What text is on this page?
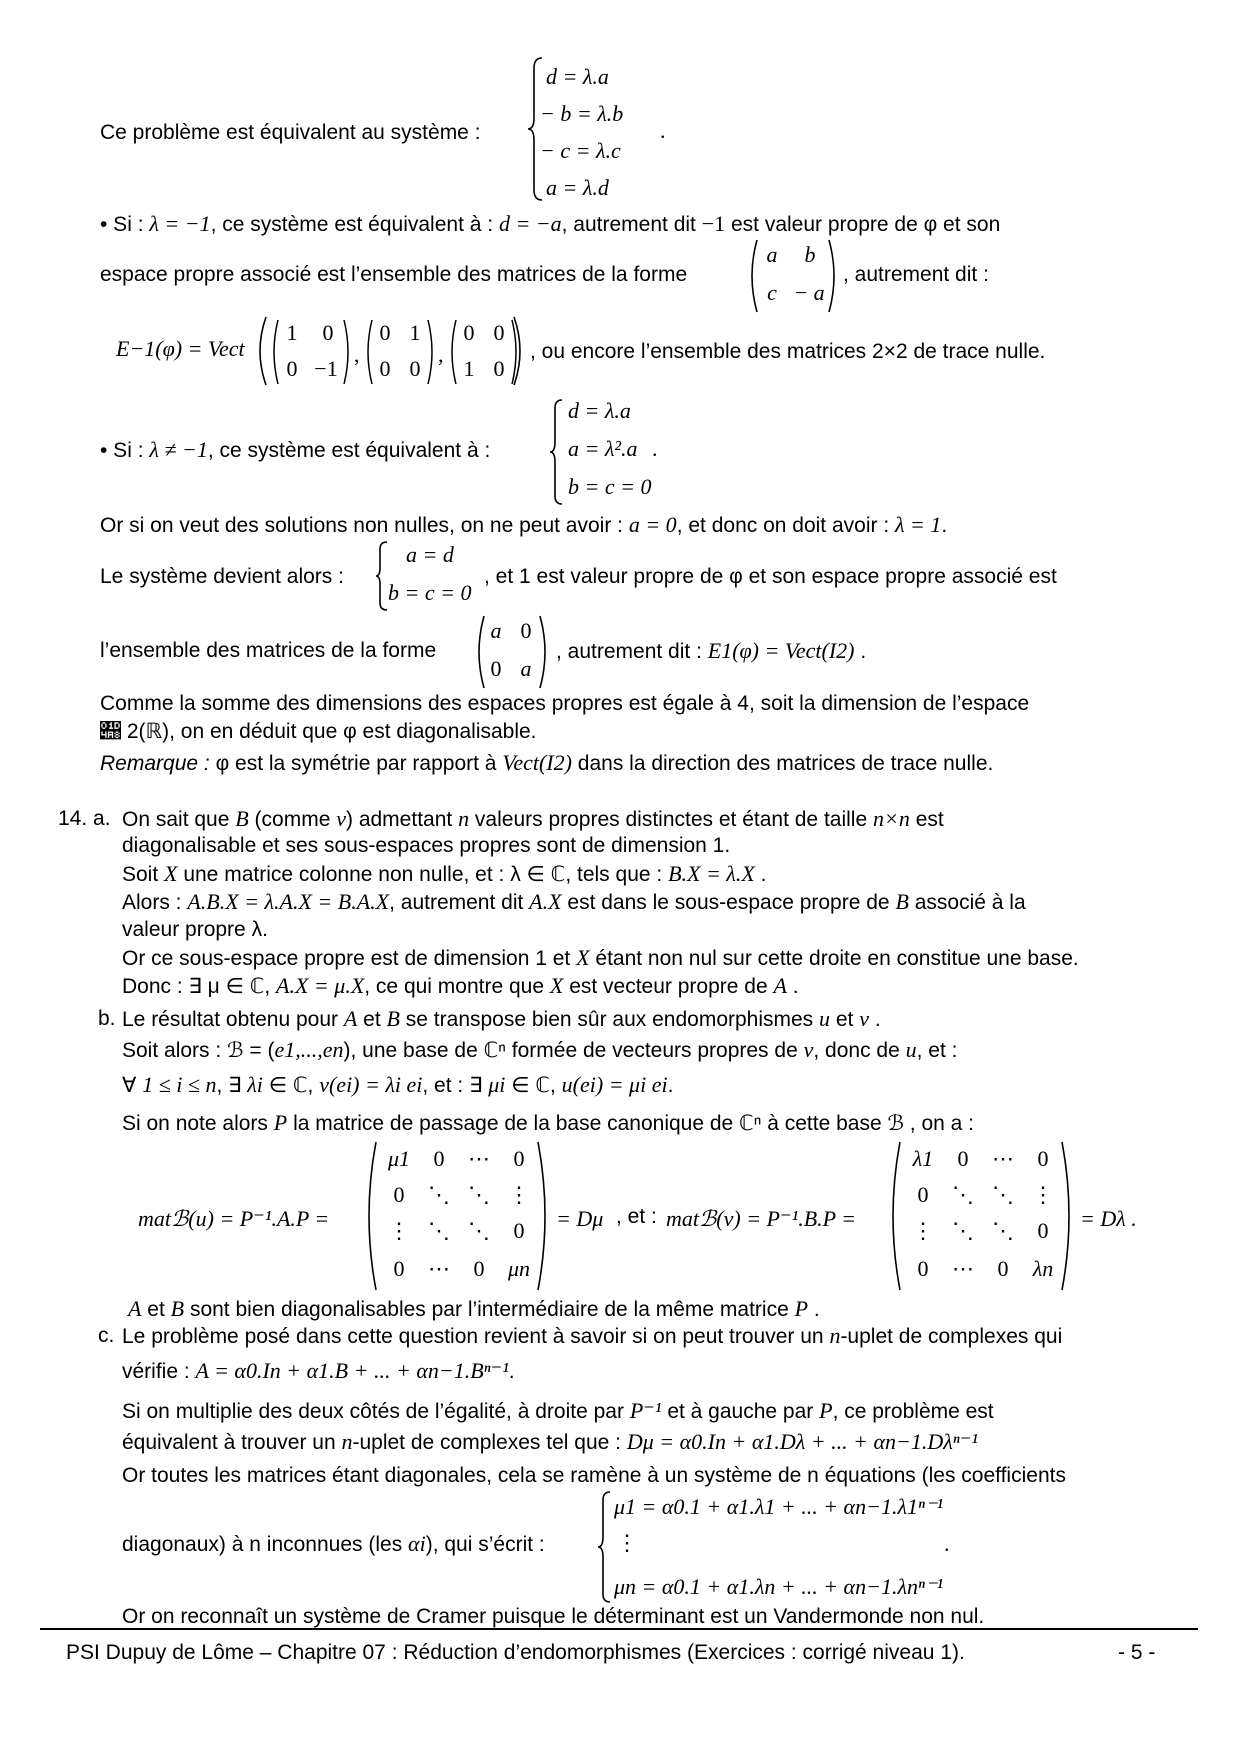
Ce problème est équivalent au système :
d = λ.a
− b = λ.b
− c = λ.c
a = λ.d
.
• Si : λ = −1, ce système est équivalent à : d = −a, autrement dit −1 est valeur propre de φ et son
espace propre associé est l’ensemble des matrices de la forme
a	b
c − a
, autrement dit :
E−1(φ) = Vect
1	0
0 −1
,
0 1
0 0
,
0 0
1 0
, ou encore l’ensemble des matrices 2×2 de trace nulle.
• Si : λ ≠ −1, ce système est équivalent à :
d = λ.a
a = λ².a
b = c = 0
.
Or si on veut des solutions non nulles, on ne peut avoir : a = 0, et donc on doit avoir : λ = 1.
Le système devient alors :
a = d
b = c = 0
, et 1 est valeur propre de φ et son espace propre associé est
l’ensemble des matrices de la forme
a 0
0 a
, autrement dit : E1(φ) = Vect(I2) .
Comme la somme des dimensions des espaces propres est égale à 4, soit la dimension de l’espace
𝒨 2(ℝ), on en déduit que φ est diagonalisable.
Remarque : φ est la symétrie par rapport à Vect(I2) dans la direction des matrices de trace nulle.
14. a. On sait que B (comme v) admettant n valeurs propres distinctes et étant de taille n×n est
diagonalisable et ses sous-espaces propres sont de dimension 1.
Soit X une matrice colonne non nulle, et : λ ∈ ℂ, tels que : B.X = λ.X .
Alors : A.B.X = λ.A.X = B.A.X, autrement dit A.X est dans le sous-espace propre de B associé à la
valeur propre λ.
Or ce sous-espace propre est de dimension 1 et X étant non nul sur cette droite en constitue une base.
Donc : ∃ μ ∈ ℂ, A.X = μ.X, ce qui montre que X est vecteur propre de A .
b. Le résultat obtenu pour A et B se transpose bien sûr aux endomorphismes u et v .
Soit alors : ℬ = (e1,...,en), une base de ℂⁿ formée de vecteurs propres de v, donc de u, et :
∀ 1 ≤ i ≤ n, ∃ λi ∈ ℂ, v(ei) = λi ei, et : ∃ μi ∈ ℂ, u(ei) = μi ei.
Si on note alors P la matrice de passage de la base canonique de ℂⁿ à cette base ℬ , on a :
matℬ(u) = P⁻¹.A.P =
μ1	0	⋯	0
0	⋱ ⋱ ⋮
⋮ ⋱ ⋱	0
0	⋯	0	μn
= Dμ , et : matℬ(v) = P⁻¹.B.P =
λ1	0	⋯	0
0	⋱ ⋱ ⋮
⋮ ⋱ ⋱	0
0	⋯	0	λn
= Dλ .
A et B sont bien diagonalisables par l’intermédiaire de la même matrice P .
c. Le problème posé dans cette question revient à savoir si on peut trouver un n-uplet de complexes qui
vérifie : A = α0.In + α1.B + ... + αn−1.Bⁿ⁻¹.
Si on multiplie des deux côtés de l’égalité, à droite par P⁻¹ et à gauche par P, ce problème est
équivalent à trouver un n-uplet de complexes tel que : Dμ = α0.In + α1.Dλ + ... + αn−1.Dλⁿ⁻¹
Or toutes les matrices étant diagonales, cela se ramène à un système de n équations (les coefficients
diagonaux) à n inconnues (les αi), qui s’écrit :
μ1 = α0.1 + α1.λ1 + ... + αn−1.λ1ⁿ⁻¹
⋮
μn = α0.1 + α1.λn + ... + αn−1.λnⁿ⁻¹
.
Or on reconnaît un système de Cramer puisque le déterminant est un Vandermonde non nul.
PSI Dupuy de Lôme – Chapitre 07 : Réduction d’endomorphismes (Exercices : corrigé niveau 1).	- 5 -
